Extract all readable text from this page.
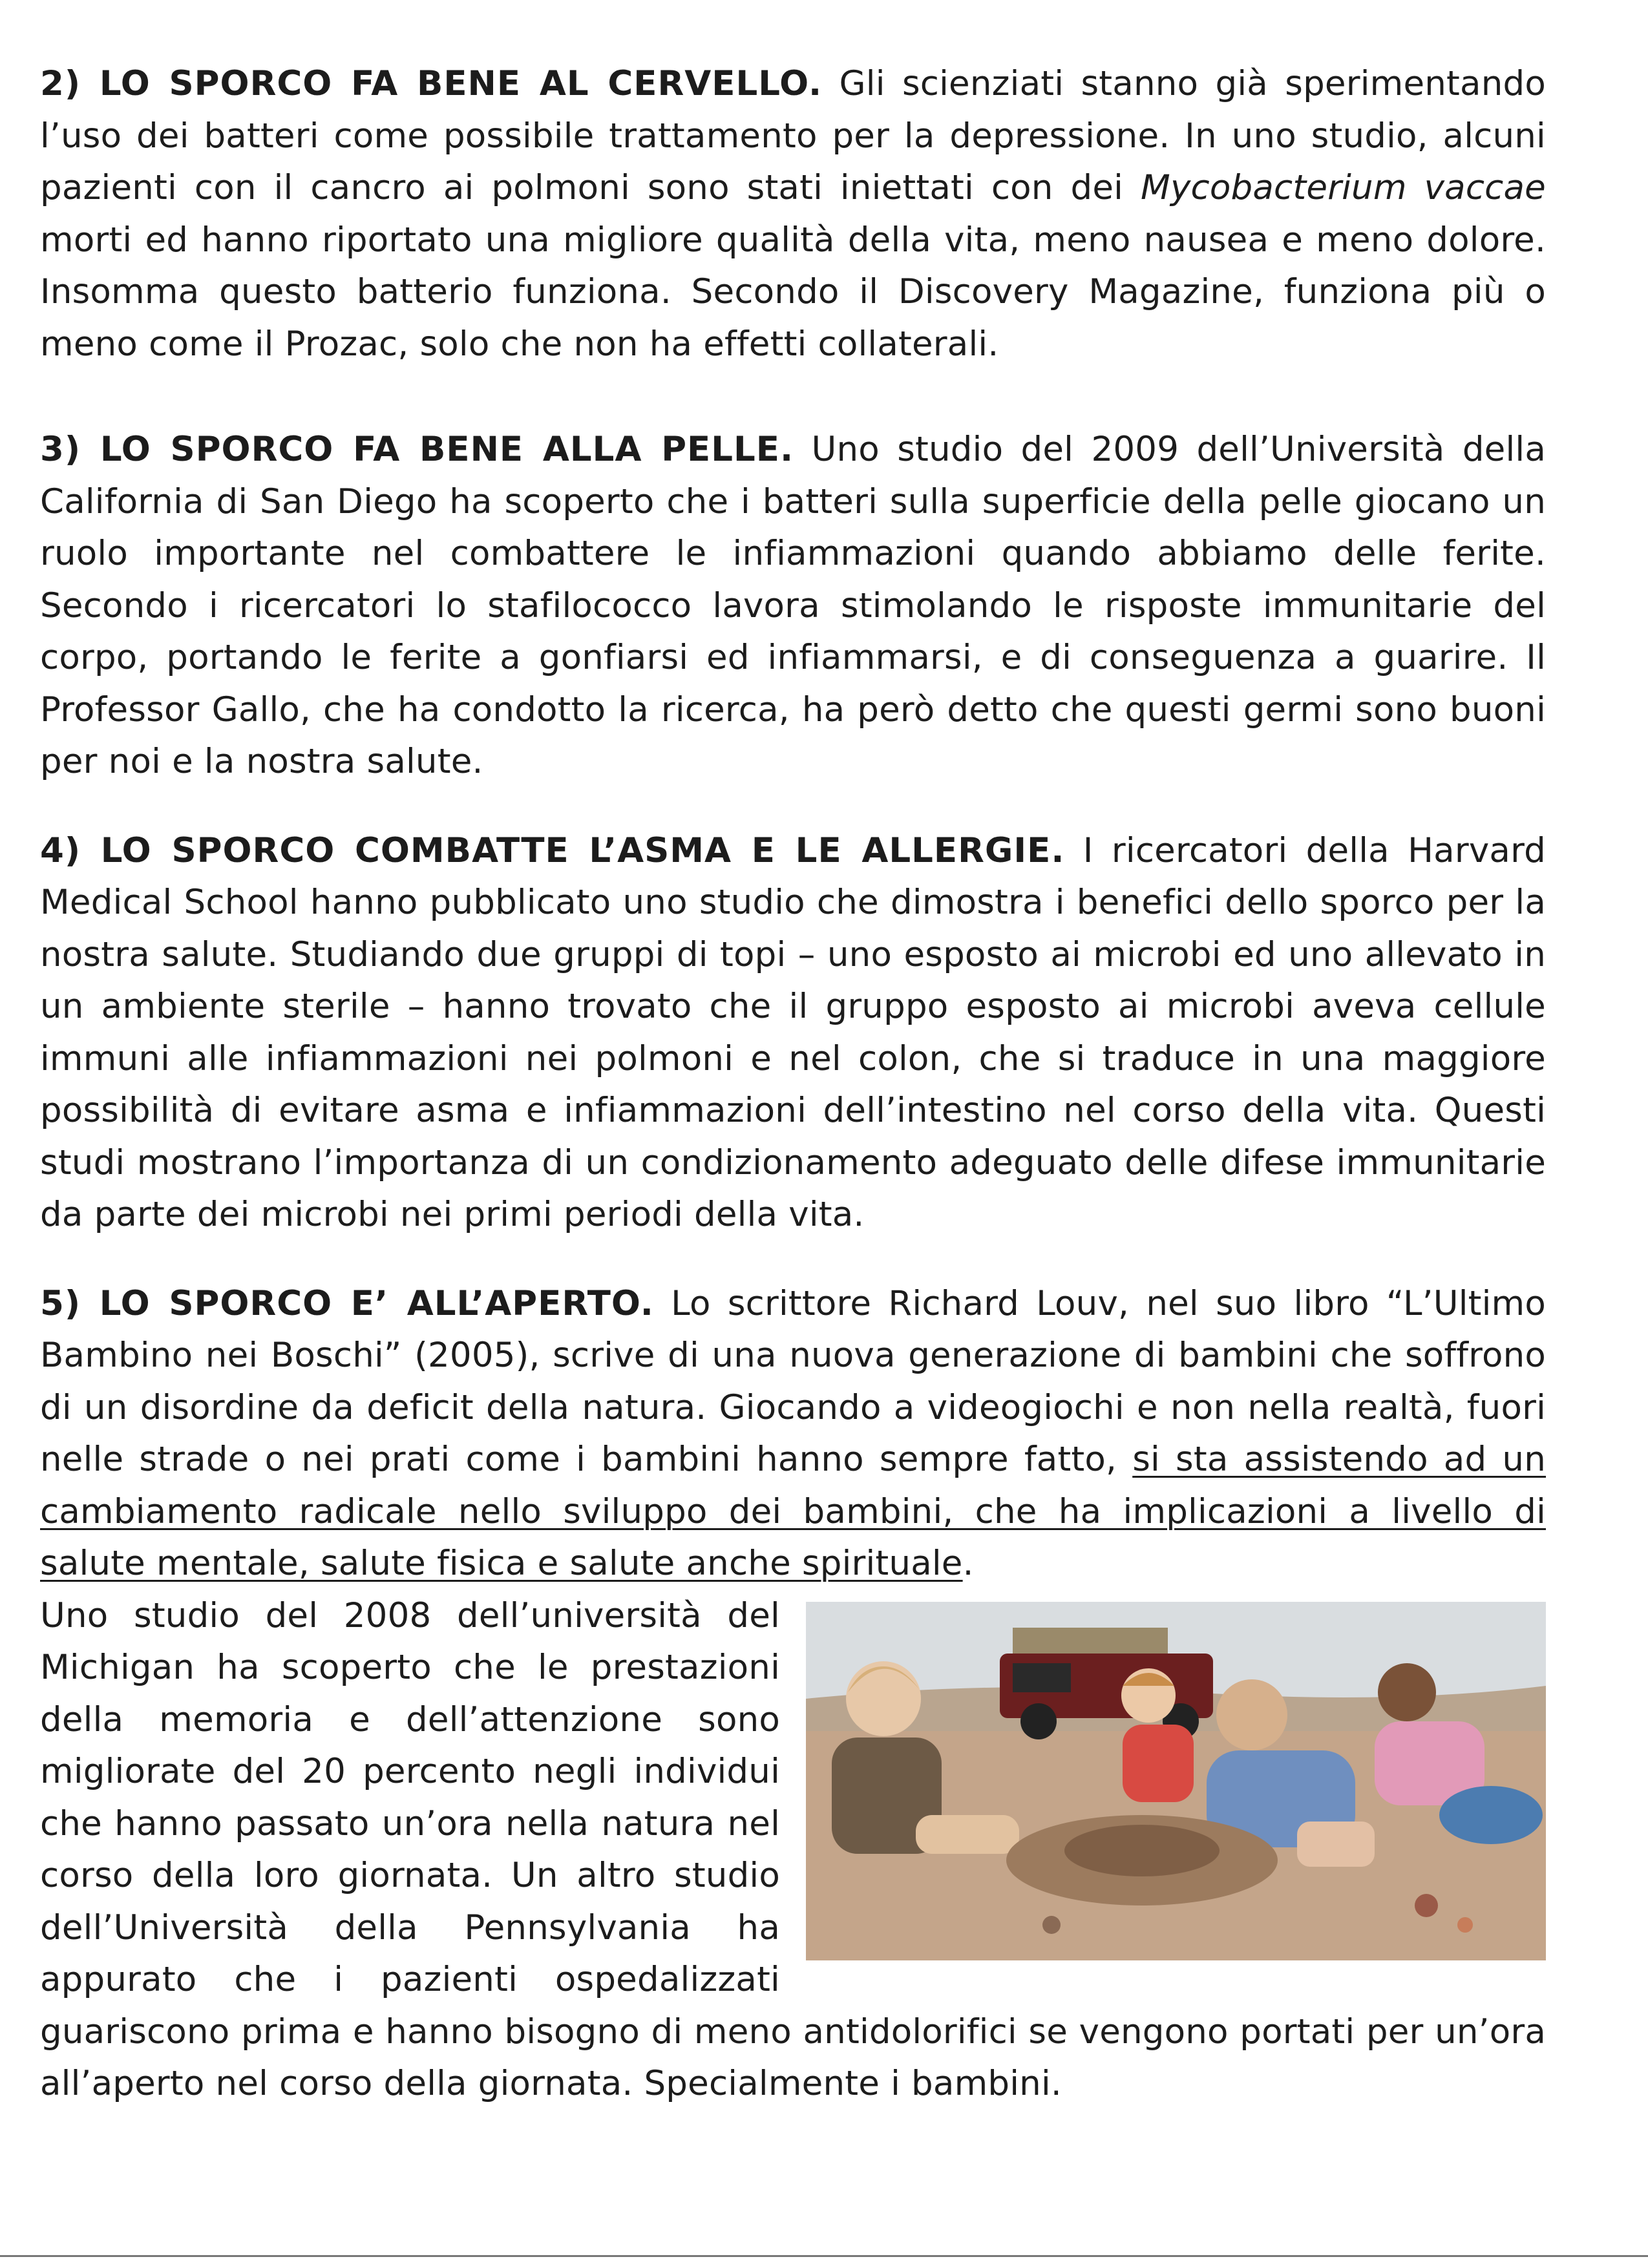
2) LO SPORCO FA BENE AL CERVELLO. Gli scienziati stanno già sperimentando l’uso dei batteri come possibile trattamento per la depressione. In uno studio, alcuni pazienti con il cancro ai polmoni sono stati iniettati con dei Mycobacterium vaccae morti ed hanno riportato una migliore qualità della vita, meno nausea e meno dolore. Insomma questo batterio funziona. Secondo il Discovery Magazine, funziona più o meno come il Prozac, solo che non ha effetti collaterali.

3) LO SPORCO FA BENE ALLA PELLE. Uno studio del 2009 dell’Università della California di San Diego ha scoperto che i batteri sulla superficie della pelle giocano un ruolo importante nel combattere le infiammazioni quando abbiamo delle ferite. Secondo i ricercatori lo stafilococco lavora stimolando le risposte immunitarie del corpo, portando le ferite a gonfiarsi ed infiammarsi, e di conseguenza a guarire. Il Professor Gallo, che ha condotto la ricerca, ha però detto che questi germi sono buoni per noi e la nostra salute.

4) LO SPORCO COMBATTE L’ASMA E LE ALLERGIE. I ricercatori della Harvard Medical School hanno pubblicato uno studio che dimostra i benefici dello sporco per la nostra salute. Studiando due gruppi di topi – uno esposto ai microbi ed uno allevato in un ambiente sterile – hanno trovato che il gruppo esposto ai microbi aveva cellule immuni alle infiammazioni nei polmoni e nel colon, che si traduce in una maggiore possibilità di evitare asma e infiammazioni dell’intestino nel corso della vita. Questi studi mostrano l’importanza di un condizionamento adeguato delle difese immunitarie da parte dei microbi nei primi periodi della vita.

5) LO SPORCO E’ ALL’APERTO. Lo scrittore Richard Louv, nel suo libro “L’Ultimo Bambino nei Boschi” (2005), scrive di una nuova generazione di bambini che soffrono di un disordine da deficit della natura. Giocando a videogiochi e non nella realtà, fuori nelle strade o nei prati come i bambini hanno sempre fatto, si sta assistendo ad un cambiamento radicale nello sviluppo dei bambini, che ha implicazioni a livello di salute mentale, salute fisica e salute anche spirituale.

Uno studio del 2008 dell’università del Michigan ha scoperto che le prestazioni della memoria e dell’attenzione sono migliorate del 20 percento negli individui che hanno passato un’ora nella natura nel corso della loro giornata. Un altro studio dell’Università della Pennsylvania ha appurato che i pazienti ospedalizzati guariscono prima e hanno bisogno di meno antidolorifici se vengono portati per un’ora all’aperto nel corso della giornata. Specialmente i bambini.
